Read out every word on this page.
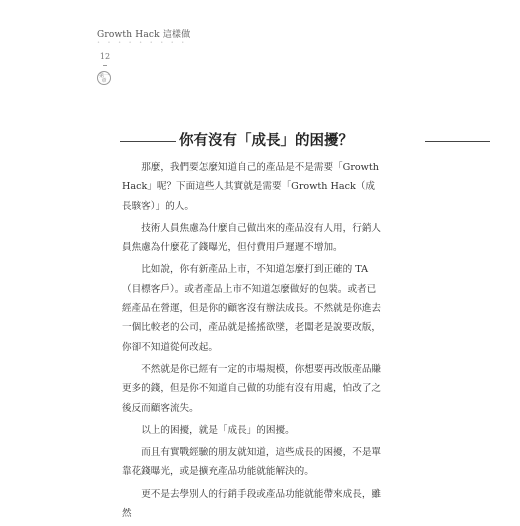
Growth Hack 這樣做
• • • • • • • • •
12
第一章
你有沒有「成長」的困擾？

那麼，我們要怎麼知道自己的產品是不是需要「Growth Hack」呢？下面這些人其實就是需要「Growth Hack（成長駭客）」的人。

技術人員焦慮為什麼自己做出來的產品沒有人用，行銷人員焦慮為什麼花了錢曝光，但付費用戶遲遲不增加。

比如說，你有新產品上市，不知道怎麼打到正確的 TA（目標客戶）。或者產品上市不知道怎麼做好的包裝。或者已經產品在營運，但是你的顧客沒有辦法成長。不然就是你進去一個比較老的公司，產品就是搖搖欲墜，老闆老是說要改版，你卻不知道從何改起。

不然就是你已經有一定的市場規模，你想要再改版產品賺更多的錢，但是你不知道自己做的功能有沒有用處，怕改了之後反而顧客流失。

以上的困擾，就是「成長」的困擾。

而且有實戰經驗的朋友就知道，這些成長的困擾，不是單靠花錢曝光，或是擴充產品功能就能解決的。

更不是去學別人的行銷手段或產品功能就能帶來成長，雖然
